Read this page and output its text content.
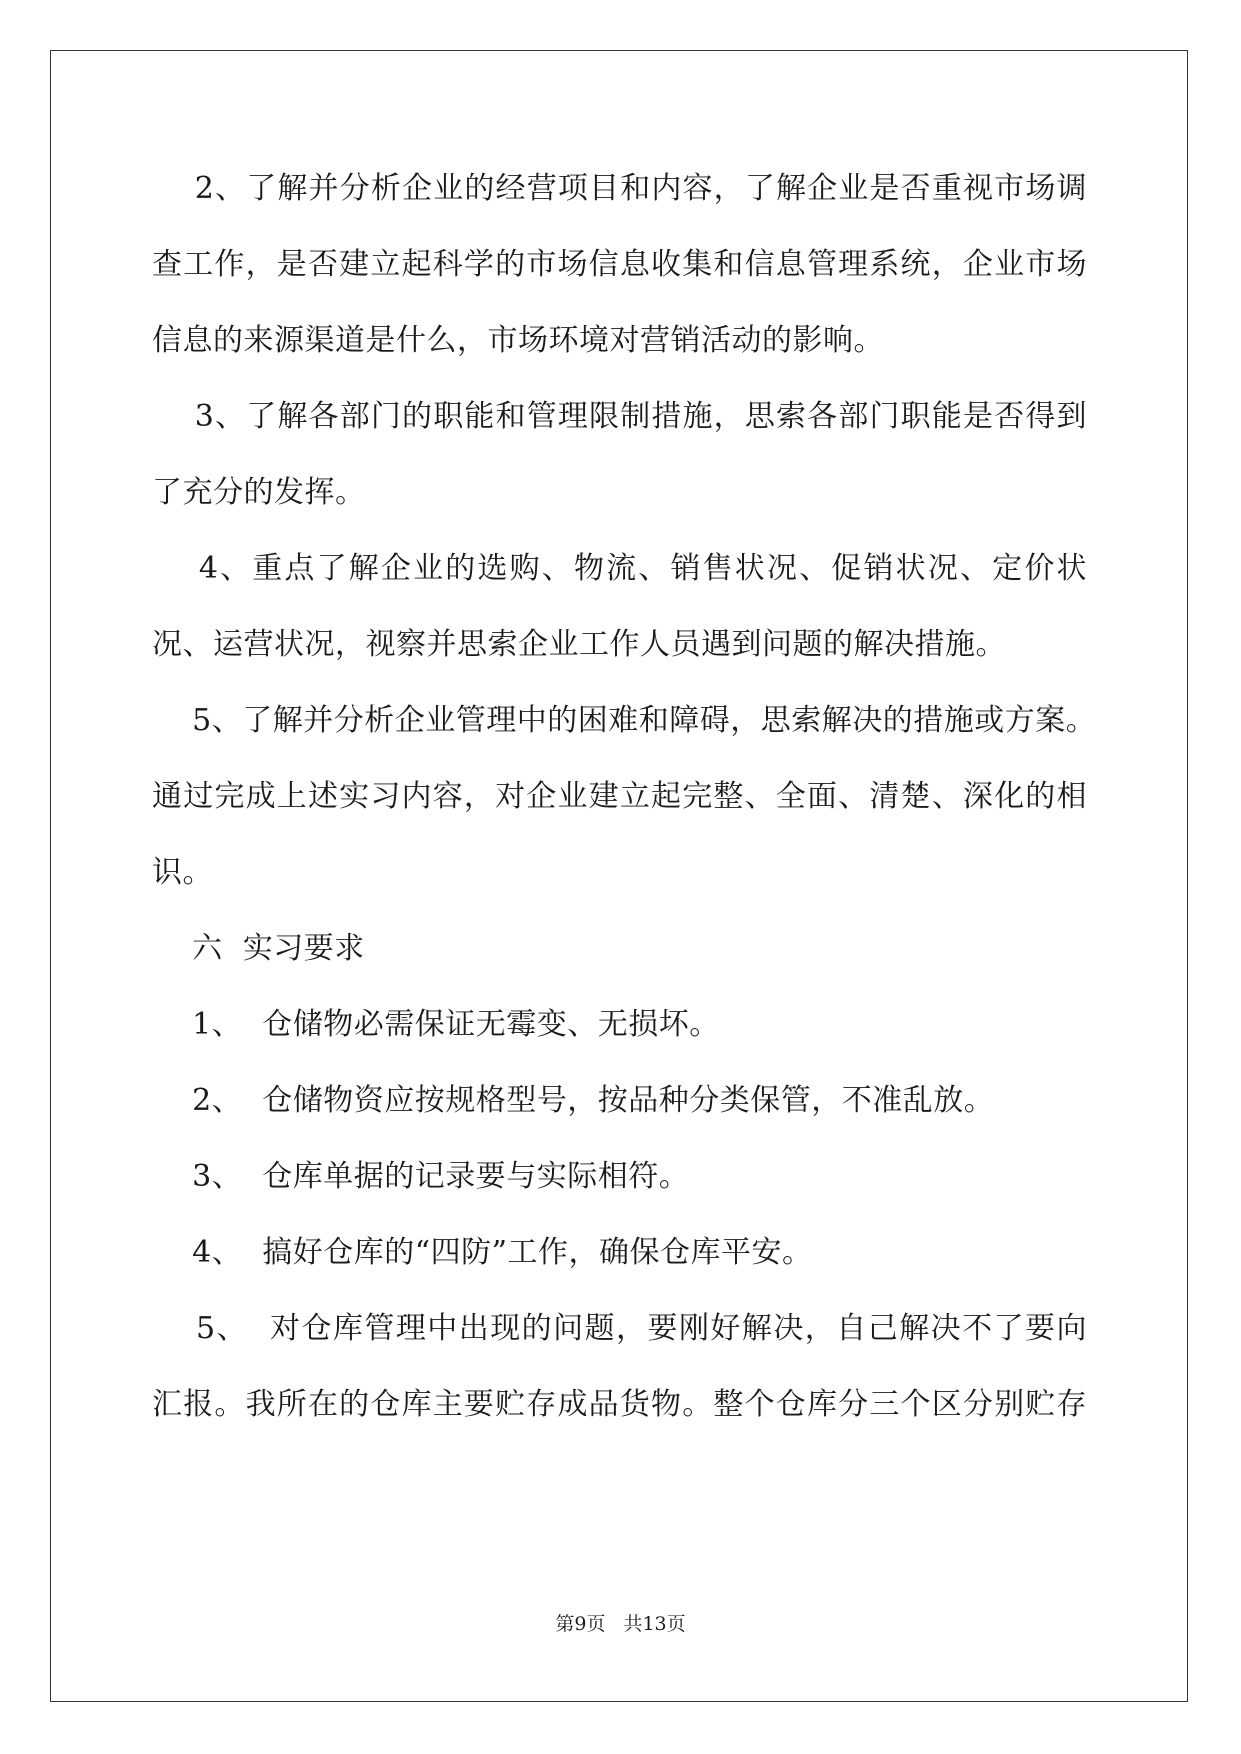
2、了解并分析企业的经营项目和内容，了解企业是否重视市场调
查工作，是否建立起科学的市场信息收集和信息管理系统，企业市场
信息的来源渠道是什么，市场环境对营销活动的影响。
3、了解各部门的职能和管理限制措施，思索各部门职能是否得到
了充分的发挥。
4、重点了解企业的选购、物流、销售状况、促销状况、定价状
况、运营状况，视察并思索企业工作人员遇到问题的解决措施。
5、了解并分析企业管理中的困难和障碍，思索解决的措施或方案。
通过完成上述实习内容，对企业建立起完整、全面、清楚、深化的相
识。
六  实习要求
1、  仓储物必需保证无霉变、无损坏。
2、  仓储物资应按规格型号，按品种分类保管，不准乱放。
3、  仓库单据的记录要与实际相符。
4、  搞好仓库的“四防”工作，确保仓库平安。
5、  对仓库管理中出现的问题，要刚好解决，自己解决不了要向
汇报。我所在的仓库主要贮存成品货物。整个仓库分三个区分别贮存
第9页 共13页
